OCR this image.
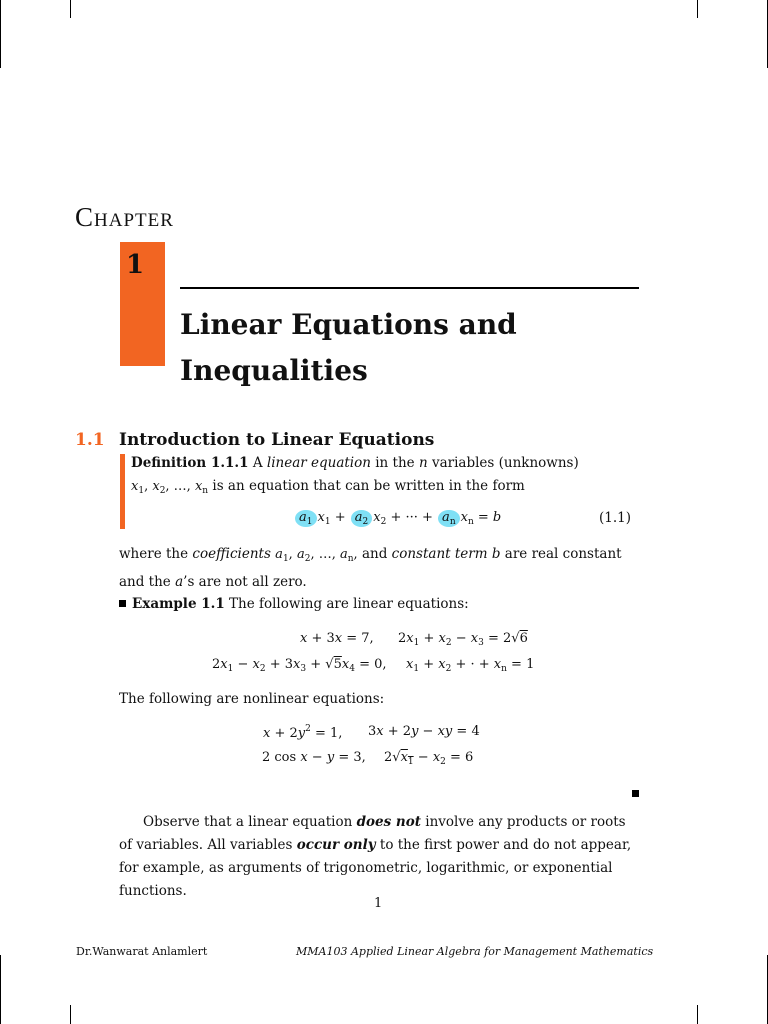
Chapter
1
Linear Equations and
Inequalities
1.1 Introduction to Linear Equations
Definition 1.1.1 A linear equation in the n variables (unknowns) $x_1$, $x_2$, …, $x_n$ is an equation that can be written in the form
$a_1$ $x_1 + a_2$ $x_2$ + ··· + $a_n$ $x_n = b$	(1.1)
where the coefficients $a_1$, $a_2$, …, $a_n$, and constant term b are real constant and the a’s are not all zero.
Example 1.1 The following are linear equations:
x + 3x = 7, $2x_1 + x_2 - x_3 = 2√6$
$2x_1 - x_2 + 3x_3 + √5x_4 = 0$, $x_1 + x_2$ + · + $x_n = 1$
The following are nonlinear equations:
$x + 2y^2 = 1$, 3x + 2y − xy = 4
2 cos x − y = 3, $2√x_1 - x_2 = 6$
Observe that a linear equation does not involve any products or roots of variables. All variables occur only to the first power and do not appear, for example, as arguments of trigonometric, logarithmic, or exponential functions.
1
Dr.Wanwarat Anlamlert	MMA103 Applied Linear Algebra for Management Mathematics
